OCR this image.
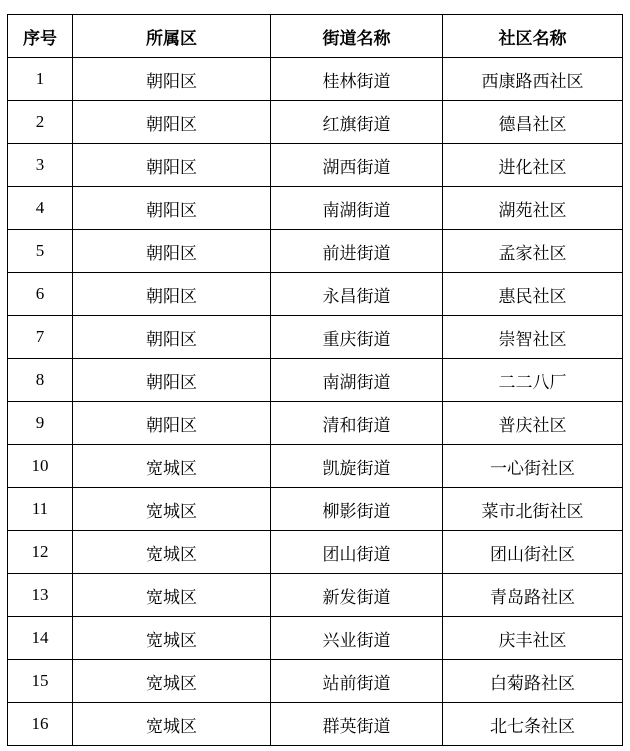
序号	所属区	街道名称	社区名称
1	朝阳区	桂林街道	西康路西社区
2	朝阳区	红旗街道	德昌社区
3	朝阳区	湖西街道	进化社区
4	朝阳区	南湖街道	湖苑社区
5	朝阳区	前进街道	孟家社区
6	朝阳区	永昌街道	惠民社区
7	朝阳区	重庆街道	崇智社区
8	朝阳区	南湖街道	二二八厂
9	朝阳区	清和街道	普庆社区
10	宽城区	凯旋街道	一心街社区
11	宽城区	柳影街道	菜市北街社区
12	宽城区	团山街道	团山街社区
13	宽城区	新发街道	青岛路社区
14	宽城区	兴业街道	庆丰社区
15	宽城区	站前街道	白菊路社区
16	宽城区	群英街道	北七条社区
